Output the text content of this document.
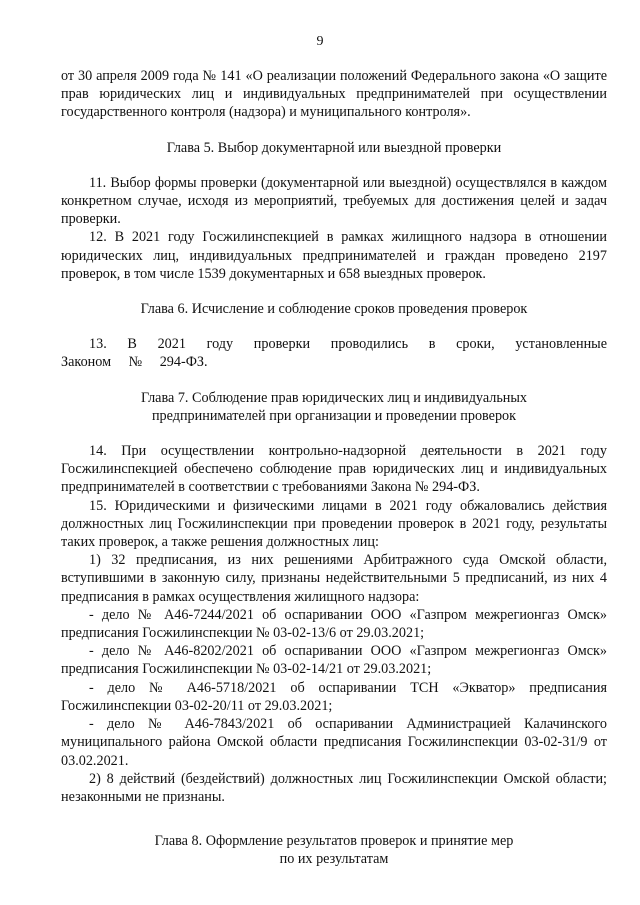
9

от 30 апреля 2009 года № 141 «О реализации положений Федерального закона «О защите прав юридических лиц и индивидуальных предпринимателей при осуществлении государственного контроля (надзора) и муниципального контроля».

Глава 5. Выбор документарной или выездной проверки

11. Выбор формы проверки (документарной или выездной) осуществлялся в каждом конкретном случае, исходя из мероприятий, требуемых для достижения целей и задач проверки.

12. В 2021 году Госжилинспекцией в рамках жилищного надзора в отношении юридических лиц, индивидуальных предпринимателей и граждан проведено 2197 проверок, в том числе 1539 документарных и 658 выездных проверок.

Глава 6. Исчисление и соблюдение сроков проведения проверок

13. В 2021 году проверки проводились в сроки, установленные Законом № 294-ФЗ.

Глава 7. Соблюдение прав юридических лиц и индивидуальных
предпринимателей при организации и проведении проверок

14. При осуществлении контрольно-надзорной деятельности в 2021 году Госжилинспекцией обеспечено соблюдение прав юридических лиц и индивидуальных предпринимателей в соответствии с требованиями Закона № 294-ФЗ.

15. Юридическими и физическими лицами в 2021 году обжаловались действия должностных лиц Госжилинспекции при проведении проверок в 2021 году, результаты таких проверок, а также решения должностных лиц:

1) 32 предписания, из них решениями Арбитражного суда Омской области, вступившими в законную силу, признаны недействительными 5 предписаний, из них 4 предписания в рамках осуществления жилищного надзора:

- дело № А46-7244/2021 об оспаривании ООО «Газпром межрегионгаз Омск» предписания Госжилинспекции № 03-02-13/6 от 29.03.2021;

- дело № А46-8202/2021 об оспаривании ООО «Газпром межрегионгаз Омск» предписания Госжилинспекции № 03-02-14/21 от 29.03.2021;

- дело № А46-5718/2021 об оспаривании ТСН «Экватор» предписания Госжилинспекции 03-02-20/11 от 29.03.2021;

- дело № А46-7843/2021 об оспаривании Администрацией Калачинского муниципального района Омской области предписания Госжилинспекции 03-02-31/9 от 03.02.2021.

2) 8 действий (бездействий) должностных лиц Госжилинспекции Омской области; незаконными не признаны.

Глава 8. Оформление результатов проверок и принятие мер
по их результатам
